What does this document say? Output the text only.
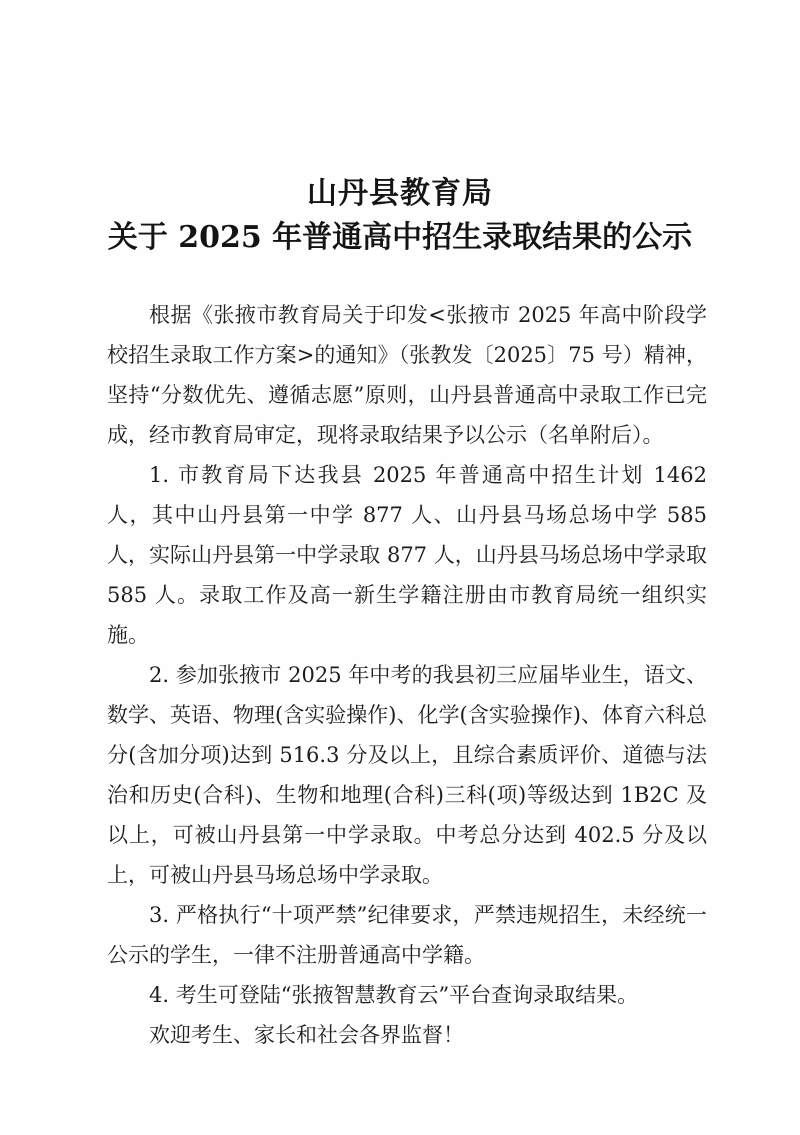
山丹县教育局
关于 2025 年普通高中招生录取结果的公示

根据《张掖市教育局关于印发<张掖市 2025 年高中阶段学校招生录取工作方案>的通知》（张教发〔2025〕75 号）精神，坚持“分数优先、遵循志愿”原则，山丹县普通高中录取工作已完成，经市教育局审定，现将录取结果予以公示（名单附后）。

1. 市教育局下达我县 2025 年普通高中招生计划 1462 人，其中山丹县第一中学 877 人、山丹县马场总场中学 585 人，实际山丹县第一中学录取 877 人，山丹县马场总场中学录取 585 人。录取工作及高一新生学籍注册由市教育局统一组织实施。

2. 参加张掖市 2025 年中考的我县初三应届毕业生，语文、数学、英语、物理(含实验操作)、化学(含实验操作)、体育六科总分(含加分项)达到 516.3 分及以上，且综合素质评价、道德与法治和历史(合科)、生物和地理(合科)三科(项)等级达到 1B2C 及以上，可被山丹县第一中学录取。中考总分达到 402.5 分及以上，可被山丹县马场总场中学录取。

3. 严格执行“十项严禁”纪律要求，严禁违规招生，未经统一公示的学生，一律不注册普通高中学籍。

4. 考生可登陆“张掖智慧教育云”平台查询录取结果。

欢迎考生、家长和社会各界监督！
